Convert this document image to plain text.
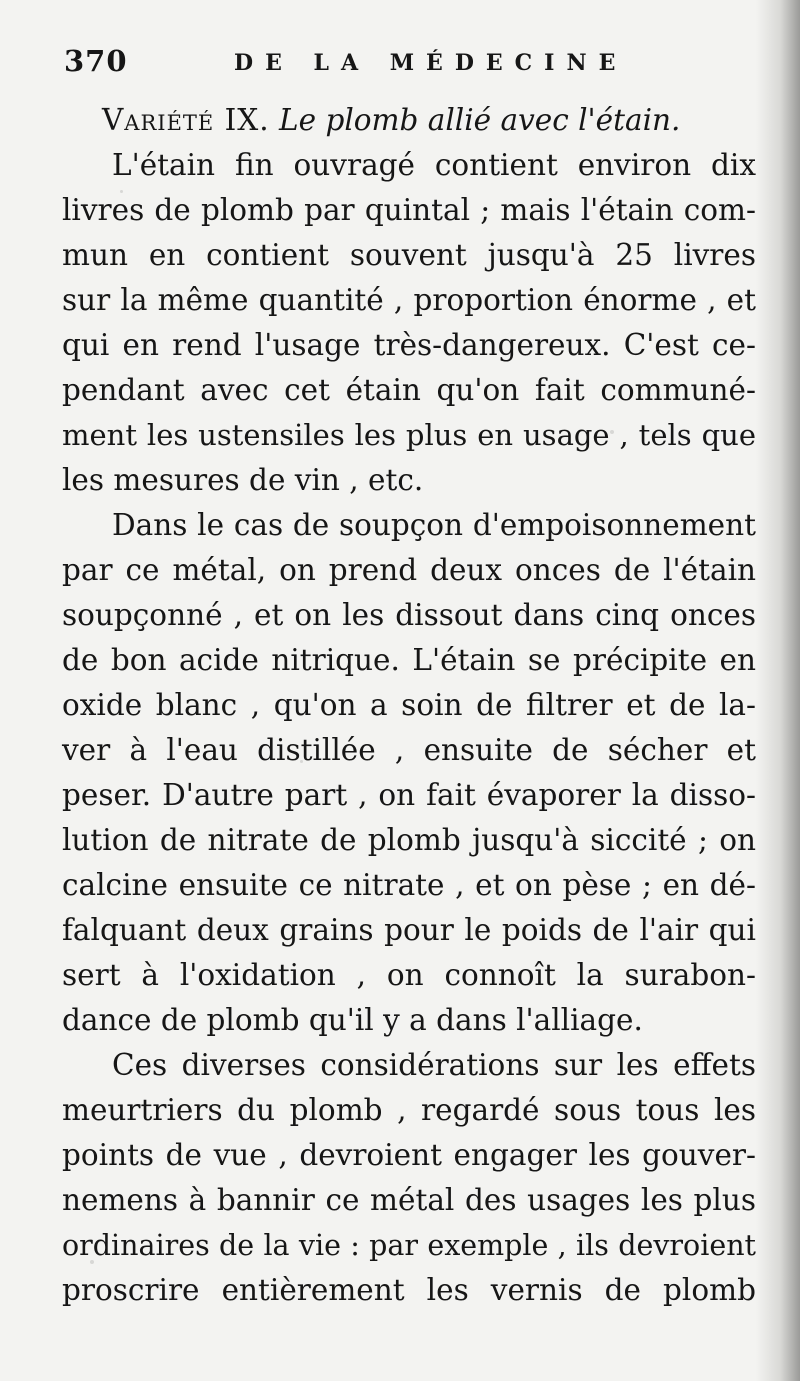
370	DE LA MÉDECINE
Variété IX. Le plomb allié avec l'étain.
L'étain fin ouvragé contient environ dix
livres de plomb par quintal ; mais l'étain com-
mun en contient souvent jusqu'à 25 livres
sur la même quantité , proportion énorme , et
qui en rend l'usage très-dangereux. C'est ce-
pendant avec cet étain qu'on fait communé-
ment les ustensiles les plus en usage , tels que
les mesures de vin , etc.
Dans le cas de soupçon d'empoisonnement
par ce métal, on prend deux onces de l'étain
soupçonné , et on les dissout dans cinq onces
de bon acide nitrique. L'étain se précipite en
oxide blanc , qu'on a soin de filtrer et de la-
ver à l'eau distillée , ensuite de sécher et
peser. D'autre part , on fait évaporer la disso-
lution de nitrate de plomb jusqu'à siccité ; on
calcine ensuite ce nitrate , et on pèse ; en dé-
falquant deux grains pour le poids de l'air qui
sert à l'oxidation , on connoît la surabon-
dance de plomb qu'il y a dans l'alliage.
Ces diverses considérations sur les effets
meurtriers du plomb , regardé sous tous les
points de vue , devroient engager les gouver-
nemens à bannir ce métal des usages les plus
ordinaires de la vie : par exemple , ils devroient
proscrire entièrement les vernis de plomb
